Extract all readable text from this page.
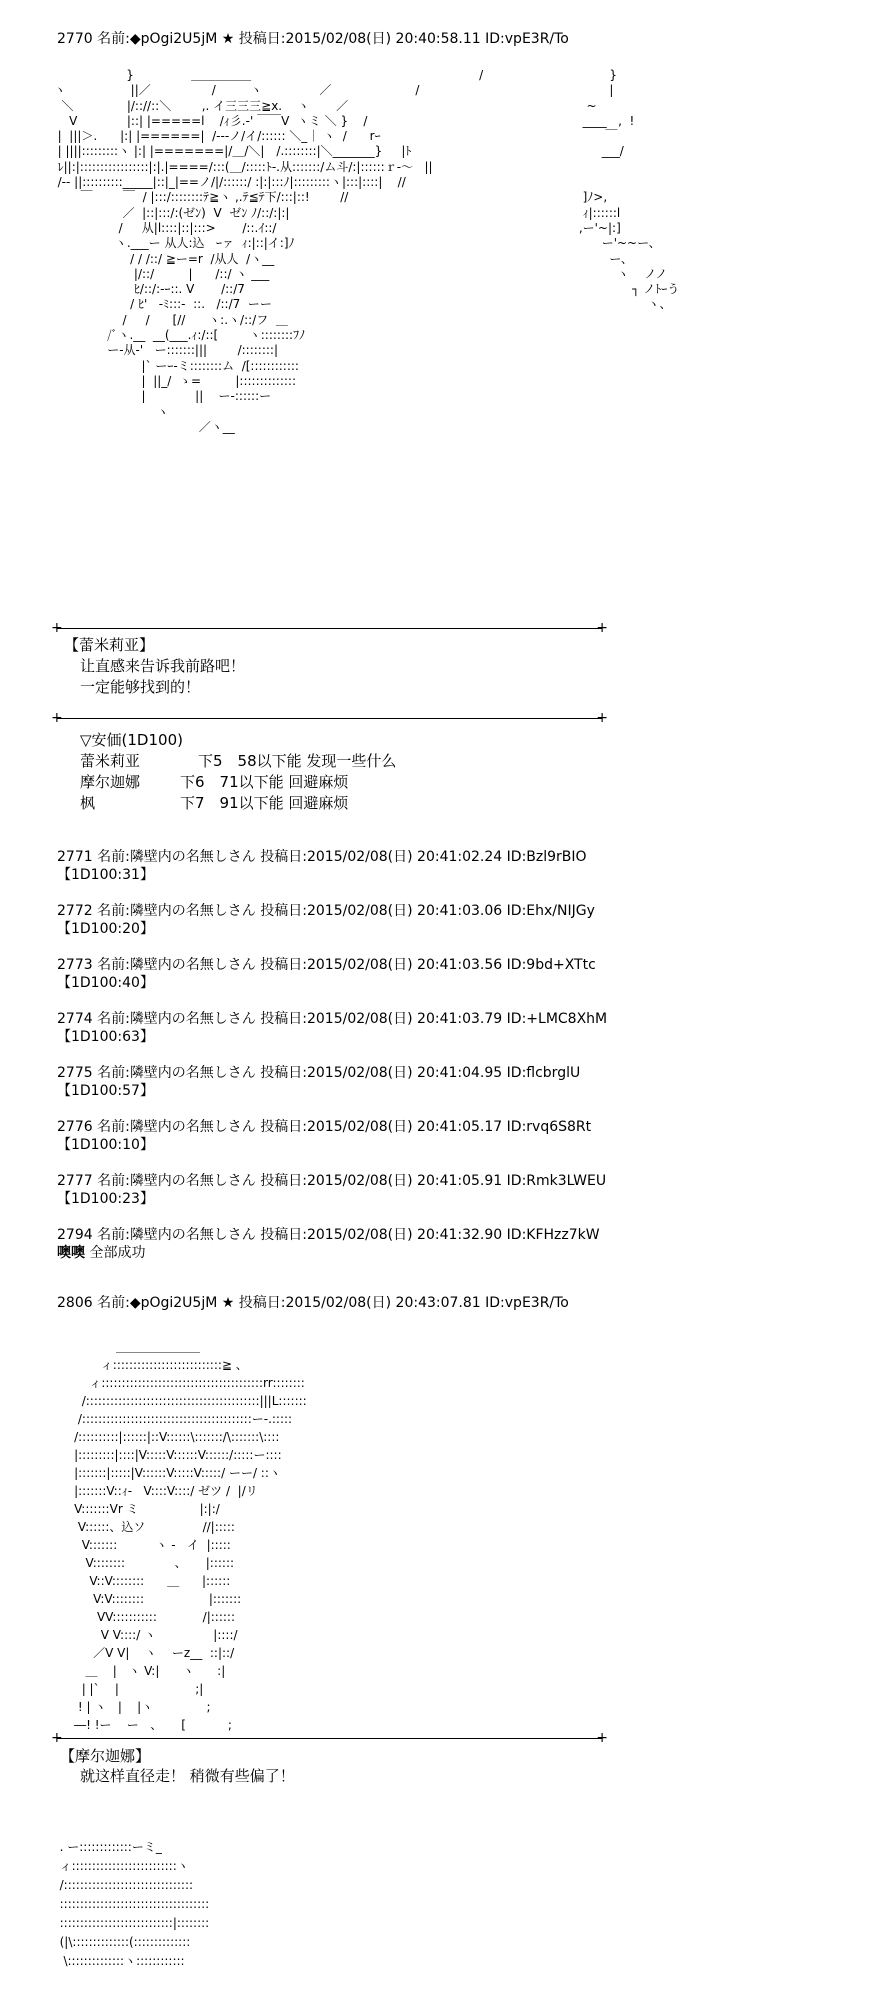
2770 名前:◆pOgi2U5jM ★ 投稿日:2015/02/08(日) 20:40:58.11 ID:vpE3R/To
}               ＿＿＿＿＿　　　　　　　　　　　　　　　　　　　/
ヽ                 ||／                /         ヽ               ／　　　　　　　/
＼              |/:://::＼        ,. イ三三三≧x.    ヽ       ／
V             |::| |=====l    /ｨ彡.‐' ￣￣V  ヽミ ＼ }    /
|  |||＞.      |:| |======|  /---ノ/イ/:::::: ＼_｜ ヽ  /      rｰ
| ||||:::::::::ヽ |:| |=======|/＿/＼|　/.::::::::|＼_______}     |ﾄ
ﾚ||:|:::::::::::::::::|:|.|====/:::(＿/:::::ﾄ-.从:::::::/ム斗/:|::::::ｒ-〜   ||
/-- ||::::::::::_____|::|_|==ノ/|/::::::/ :|:|:::ﾉ|:::::::::ヽ|:::|::::|    //
￣        ￣  / |:::/::::::::ﾃ≧ヽ ,.ﾃ≦ﾃ下/:::|::!        //
／  |::|:::/:(ゼﾝ)  V  ゼﾝ ﾉ/::/:|:|
/     从|l::::|::|:::>       /::.ｲ::/
ヽ.___ー 从人:込   ｰァ  ｨ:|::|イ:]ﾉ
/ / /::/ ≧ー=r  /从人  /ヽ__
|/::/         |      /::/ ヽ ___
ﾋ/::/:-ｰ::. V       /::/7
/ ﾋ'   -ﾐ:::-  ::.   /::/7  ーー
/     /      [//      ヽ:.ヽ/::/フ  ＿
/ﾞヽ.__  __(___.ｨ:/::[        ヽ::::::::ﾌﾉ
ー-从-'   ー:::::::|||        /::::::::|
|` ーｰ-ミ::::::::ム  /[::::::::::::
|  ||_/  ゝ=         |::::::::::::::
|             ||    ー-::::::ー
ヽ
／ヽ__
}
|
~
____   ,  !
￣
___/

]ﾉ>,
ｨ|::::::l
,ー'~|:]
ー'~~ー、
ー、
ヽ    ノノ
┐ ノﾄｰう
ヽ、
+	+
【蕾米莉亚】
让直感来告诉我前路吧！
一定能够找到的！
+	+
▽安価(1D100)
蕾米莉亚	下5　58以下能 发现一些什么
摩尔迦娜	下6　71以下能 回避麻烦
枫	下7　91以下能 回避麻烦
2771 名前:隣壁内の名無しさん 投稿日:2015/02/08(日) 20:41:02.24 ID:Bzl9rBIO
【1D100:31】
2772 名前:隣壁内の名無しさん 投稿日:2015/02/08(日) 20:41:03.06 ID:Ehx/NIJGy
【1D100:20】
2773 名前:隣壁内の名無しさん 投稿日:2015/02/08(日) 20:41:03.56 ID:9bd+XTtc
【1D100:40】
2774 名前:隣壁内の名無しさん 投稿日:2015/02/08(日) 20:41:03.79 ID:+LMC8XhM
【1D100:63】
2775 名前:隣壁内の名無しさん 投稿日:2015/02/08(日) 20:41:04.95 ID:flcbrglU
【1D100:57】
2776 名前:隣壁内の名無しさん 投稿日:2015/02/08(日) 20:41:05.17 ID:rvq6S8Rt
【1D100:10】
2777 名前:隣壁内の名無しさん 投稿日:2015/02/08(日) 20:41:05.91 ID:Rmk3LWEU
【1D100:23】
2794 名前:隣壁内の名無しさん 投稿日:2015/02/08(日) 20:41:32.90 ID:KFHzz7kW
噢噢 全部成功
2806 名前:◆pOgi2U5jM ★ 投稿日:2015/02/08(日) 20:43:07.81 ID:vpE3R/To
＿＿＿＿＿＿＿
ィ:::::::::::::::::::::::::::≧ 、
ィ::::::::::::::::::::::::::::::::::::::::rr::::::::
/:::::::::::::::::::::::::::::::::::::::::::|||L:::::::
/::::::::::::::::::::::::::::::::::::::::::ー-.:::::
/::::::::::|::::::|::V::::::\:::::::/\:::::::\::::
|:::::::::|::::|V:::::V::::::V::::::/:::::ー::::
|:::::::|:::::|V::::::V:::::V:::::/ ーー/ ::ヽ
|:::::::V::ｨ-   V::::V::::/ ゼツ /  |/リ
V:::::::Vr ミ                |:|:/
V::::::、込ソ               //|:::::
V:::::::          ヽ -   イ  |:::::
V::::::::             、     |::::::
V::V::::::::      ＿      |::::::
V:V::::::::                 |:::::::
VV:::::::::::            /|::::::
V V::::/ ヽ               |::::/
／V V|    ヽ    ーz__  ::|::/
＿    |   ヽ V:|      ヽ      :|
| |`    |                    ;|
! | ヽ   |    |ヽ              ;
―! !ー    ー   、     [           ;
+	+
【摩尔迦娜】
就这样直径走！ 稍微有些偏了！
. ー:::::::::::::ーミ_
ィ::::::::::::::::::::::::::ヽ
/::::::::::::::::::::::::::::::::
:::::::::::::::::::::::::::::::::::::
::::::::::::::::::::::::::::|::::::::
(|\::::::::::::::(::::::::::::::
\::::::::::::::ヽ::::::::::::
